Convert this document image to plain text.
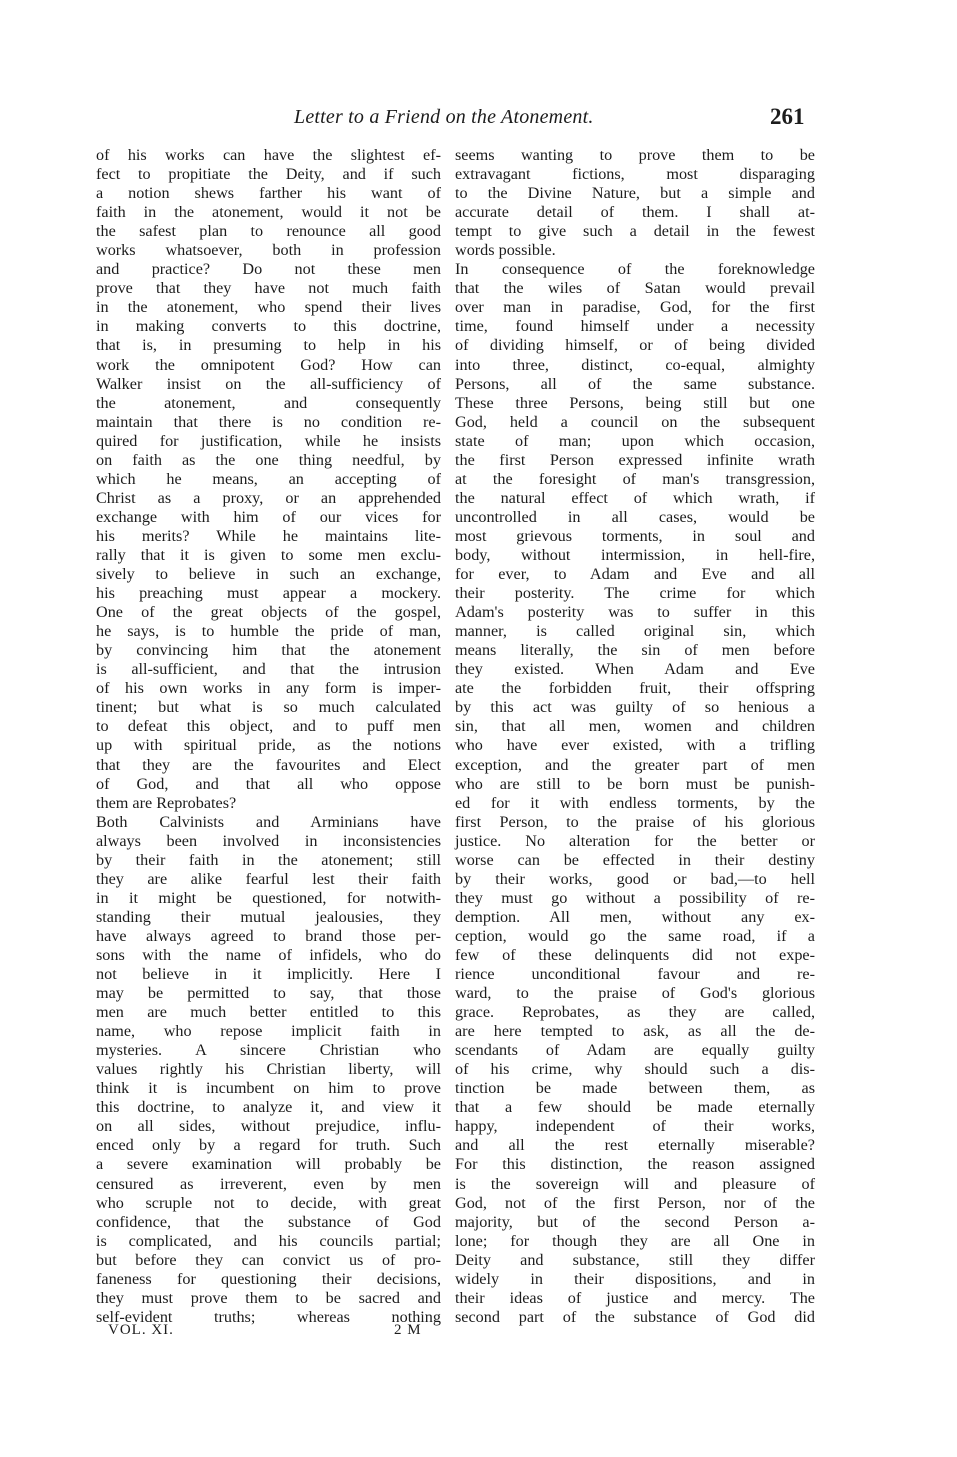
Letter to a Friend on the Atonement.	261
of his works can have the slightest ef-
fect to propitiate the Deity, and if such
a notion shews farther his want of
faith in the atonement, would it not be
the safest plan to renounce all good
works whatsoever, both in profession
and practice? Do not these men
prove that they have not much faith
in the atonement, who spend their lives
in making converts to this doctrine,
that is, in presuming to help in his
work the omnipotent God? How can
Walker insist on the all-sufficiency of
the atonement, and consequently
maintain that there is no condition re-
quired for justification, while he insists
on faith as the one thing needful, by
which he means, an accepting of
Christ as a proxy, or an apprehended
exchange with him of our vices for
his merits? While he maintains lite-
rally that it is given to some men exclu-
sively to believe in such an exchange,
his preaching must appear a mockery.
One of the great objects of the gospel,
he says, is to humble the pride of man,
by convincing him that the atonement
is all-sufficient, and that the intrusion
of his own works in any form is imper-
tinent; but what is so much calculated
to defeat this object, and to puff men
up with spiritual pride, as the notions
that they are the favourites and Elect
of God, and that all who oppose
them are Reprobates?
Both Calvinists and Arminians have
always been involved in inconsistencies
by their faith in the atonement; still
they are alike fearful lest their faith
in it might be questioned, for notwith-
standing their mutual jealousies, they
have always agreed to brand those per-
sons with the name of infidels, who do
not believe in it implicitly. Here I
may be permitted to say, that those
men are much better entitled to this
name, who repose implicit faith in
mysteries. A sincere Christian who
values rightly his Christian liberty, will
think it is incumbent on him to prove
this doctrine, to analyze it, and view it
on all sides, without prejudice, influ-
enced only by a regard for truth. Such
a severe examination will probably be
censured as irreverent, even by men
who scruple not to decide, with great
confidence, that the substance of God
is complicated, and his councils partial;
but before they can convict us of pro-
faneness for questioning their decisions,
they must prove them to be sacred and
self-evident truths; whereas nothing
seems wanting to prove them to be
extravagant fictions, most disparaging
to the Divine Nature, but a simple and
accurate detail of them. I shall at-
tempt to give such a detail in the fewest
words possible.
In consequence of the foreknowledge
that the wiles of Satan would prevail
over man in paradise, God, for the first
time, found himself under a necessity
of dividing himself, or of being divided
into three, distinct, co-equal, almighty
Persons, all of the same substance.
These three Persons, being still but one
God, held a council on the subsequent
state of man; upon which occasion,
the first Person expressed infinite wrath
at the foresight of man's transgression,
the natural effect of which wrath, if
uncontrolled in all cases, would be
most grievous torments, in soul and
body, without intermission, in hell-fire,
for ever, to Adam and Eve and all
their posterity. The crime for which
Adam's posterity was to suffer in this
manner, is called original sin, which
means literally, the sin of men before
they existed. When Adam and Eve
ate the forbidden fruit, their offspring
by this act was guilty of so henious a
sin, that all men, women and children
who have ever existed, with a trifling
exception, and the greater part of men
who are still to be born must be punish-
ed for it with endless torments, by the
first Person, to the praise of his glorious
justice. No alteration for the better or
worse can be effected in their destiny
by their works, good or bad,—to hell
they must go without a possibility of re-
demption. All men, without any ex-
ception, would go the same road, if a
few of these delinquents did not expe-
rience unconditional favour and re-
ward, to the praise of God's glorious
grace. Reprobates, as they are called,
are here tempted to ask, as all the de-
scendants of Adam are equally guilty
of his crime, why should such a dis-
tinction be made between them, as
that a few should be made eternally
happy, independent of their works,
and all the rest eternally miserable?
For this distinction, the reason assigned
is the sovereign will and pleasure of
God, not of the first Person, nor of the
majority, but of the second Person a-
lone; for though they are all One in
Deity and substance, still they differ
widely in their dispositions, and in
their ideas of justice and mercy. The
second part of the substance of God did
VOL. XI.	2 M
